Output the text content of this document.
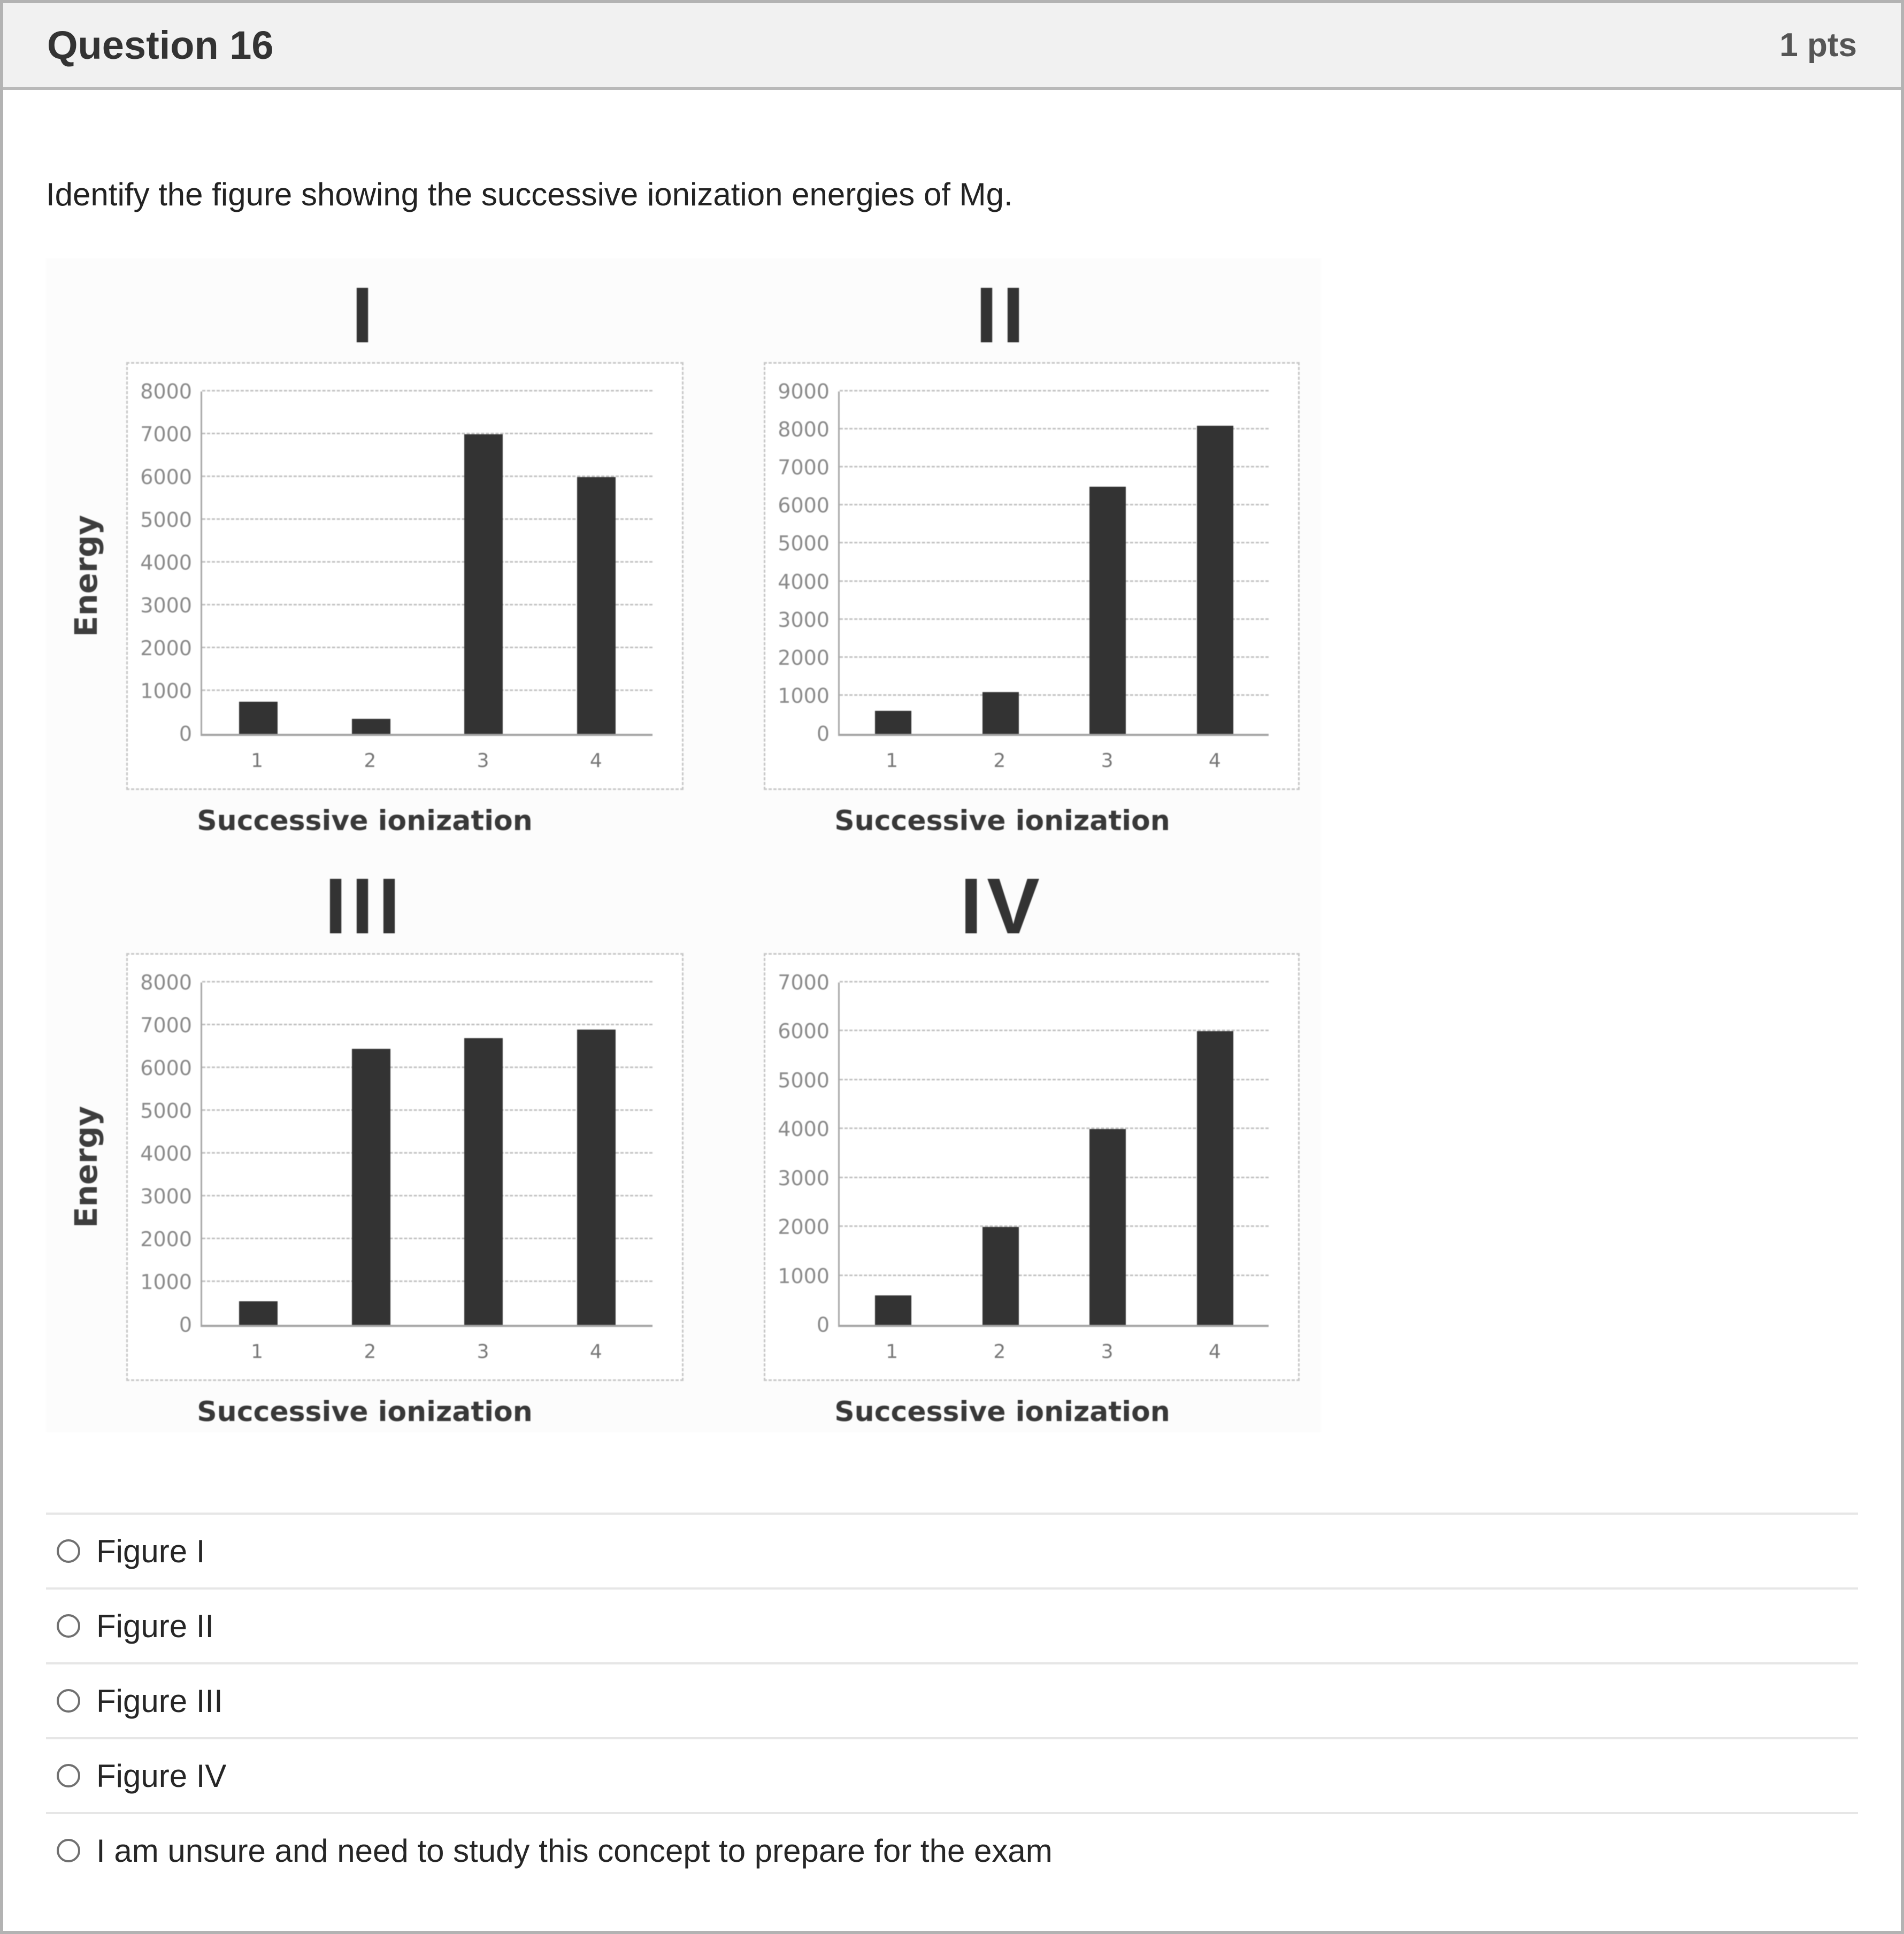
Question 16	1 pts

Identify the figure showing the successive ionization energies of Mg.

I
Energy
0
1000
2000
3000
4000
5000
6000
7000
8000
1	2	3	4
Successive ionization
II
0
1000
2000
3000
4000
5000
6000
7000
8000
9000
1	2	3	4
Successive ionization
III
Energy
0
1000
2000
3000
4000
5000
6000
7000
8000
1	2	3	4
Successive ionization
IV
0
1000
2000
3000
4000
5000
6000
7000
1	2	3	4
Successive ionization
Figure I
Figure II
Figure III
Figure IV
I am unsure and need to study this concept to prepare for the exam
